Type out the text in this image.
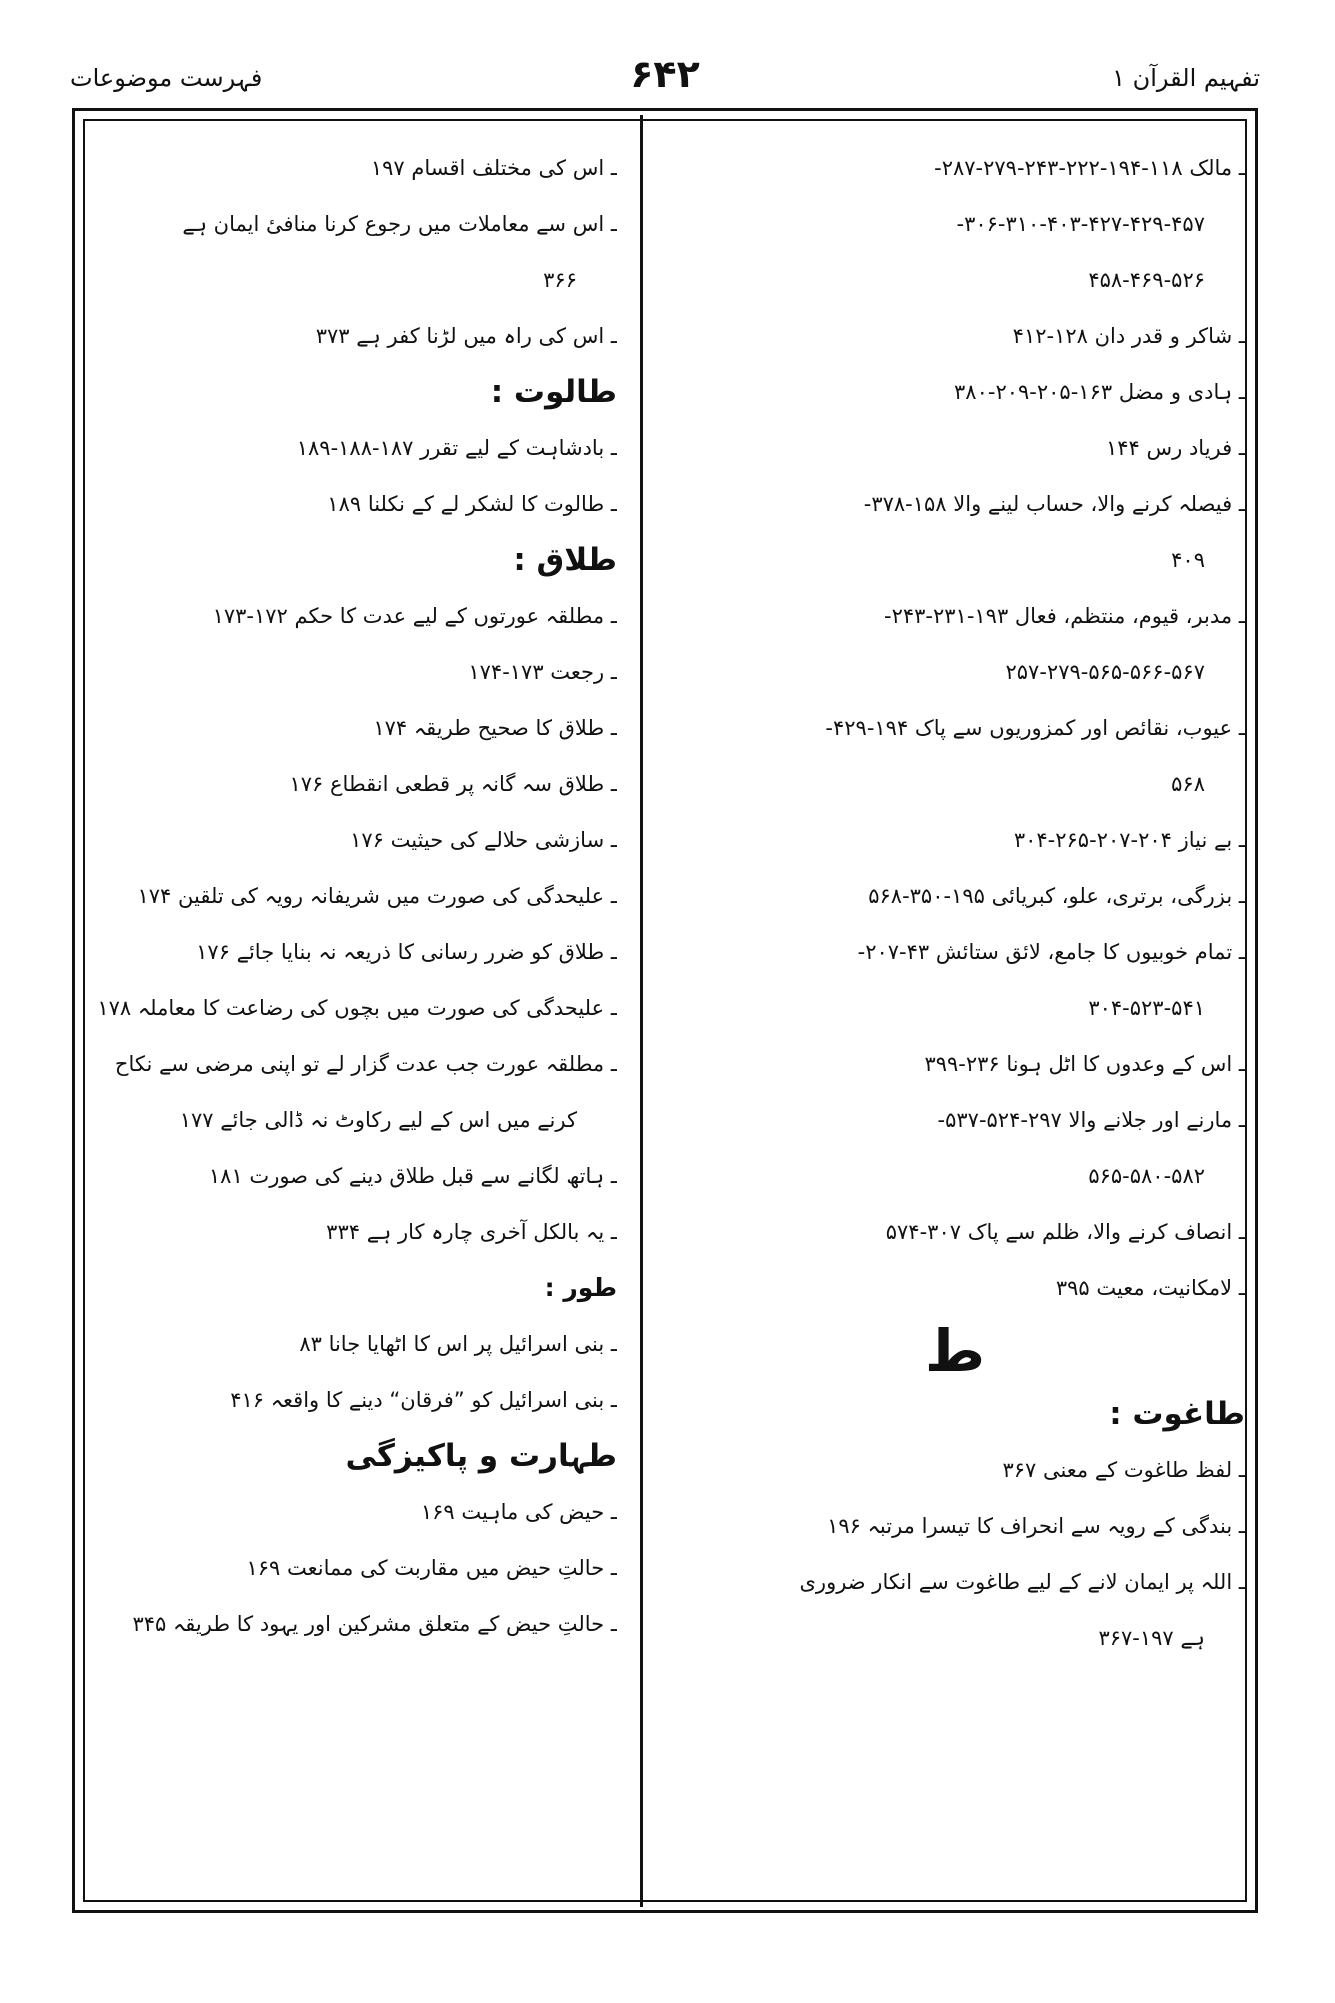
تفہیم القرآن ۱
۶۴۲
فہرست موضوعات
ـ مالک ۱۱۸-۱۹۴-۲۲۲-۲۴۳-۲۷۹-۲۸۷-
۳۰۶-۳۱۰-۴۰۳-۴۲۷-۴۲۹-۴۵۷-
۴۵۸-۴۶۹-۵۲۶
ـ شاکر و قدر دان ۱۲۸-۴۱۲
ـ ہادی و مضل ۱۶۳-۲۰۵-۲۰۹-۳۸۰
ـ فریاد رس ۱۴۴
ـ فیصلہ کرنے والا، حساب لینے والا ۱۵۸-۳۷۸-
۴۰۹
ـ مدبر، قیوم، منتظم، فعال ۱۹۳-۲۳۱-۲۴۳-
۲۵۷-۲۷۹-۵۶۵-۵۶۶-۵۶۷
ـ عیوب، نقائص اور کمزوریوں سے پاک ۱۹۴-۴۲۹-
۵۶۸
ـ بے نیاز ۲۰۴-۲۰۷-۲۶۵-۳۰۴
ـ بزرگی، برتری، علو، کبریائی ۱۹۵-۳۵۰-۵۶۸
ـ تمام خوبیوں کا جامع، لائق ستائش ۴۳-۲۰۷-
۳۰۴-۵۲۳-۵۴۱
ـ اس کے وعدوں کا اٹل ہونا ۲۳۶-۳۹۹
ـ مارنے اور جلانے والا ۲۹۷-۵۲۴-۵۳۷-
۵۶۵-۵۸۰-۵۸۲
ـ انصاف کرنے والا، ظلم سے پاک ۳۰۷-۵۷۴
ـ لامکانیت، معیت ۳۹۵
ط
طاغوت :
ـ لفظ طاغوت کے معنی ۳۶۷
ـ بندگی کے رویہ سے انحراف کا تیسرا مرتبہ ۱۹۶
ـ اللہ پر ایمان لانے کے لیے طاغوت سے انکار ضروری
ہے ۱۹۷-۳۶۷
ـ اس کی مختلف اقسام ۱۹۷
ـ اس سے معاملات میں رجوع کرنا منافیٔ ایمان ہے
۳۶۶
ـ اس کی راہ میں لڑنا کفر ہے ۳۷۳
طالوت :
ـ بادشاہت کے لیے تقرر ۱۸۷-۱۸۸-۱۸۹
ـ طالوت کا لشکر لے کے نکلنا ۱۸۹
طلاق :
ـ مطلقہ عورتوں کے لیے عدت کا حکم ۱۷۲-۱۷۳
ـ رجعت ۱۷۳-۱۷۴
ـ طلاق کا صحیح طریقہ ۱۷۴
ـ طلاق سہ گانہ پر قطعی انقطاع ۱۷۶
ـ سازشی حلالے کی حیثیت ۱۷۶
ـ علیحدگی کی صورت میں شریفانہ رویہ کی تلقین ۱۷۴
ـ طلاق کو ضرر رسانی کا ذریعہ نہ بنایا جائے ۱۷۶
ـ علیحدگی کی صورت میں بچوں کی رضاعت کا معاملہ ۱۷۸
ـ مطلقہ عورت جب عدت گزار لے تو اپنی مرضی سے نکاح
کرنے میں اس کے لیے رکاوٹ نہ ڈالی جائے ۱۷۷
ـ ہاتھ لگانے سے قبل طلاق دینے کی صورت ۱۸۱
ـ یہ بالکل آخری چارہ کار ہے ۳۳۴
طور :
ـ بنی اسرائیل پر اس کا اٹھایا جانا ۸۳
ـ بنی اسرائیل کو ”فرقان“ دینے کا واقعہ ۴۱۶
طہارت و پاکیزگی
ـ حیض کی ماہیت ۱۶۹
ـ حالتِ حیض میں مقاربت کی ممانعت ۱۶۹
ـ حالتِ حیض کے متعلق مشرکین اور یہود کا طریقہ ۳۴۵
